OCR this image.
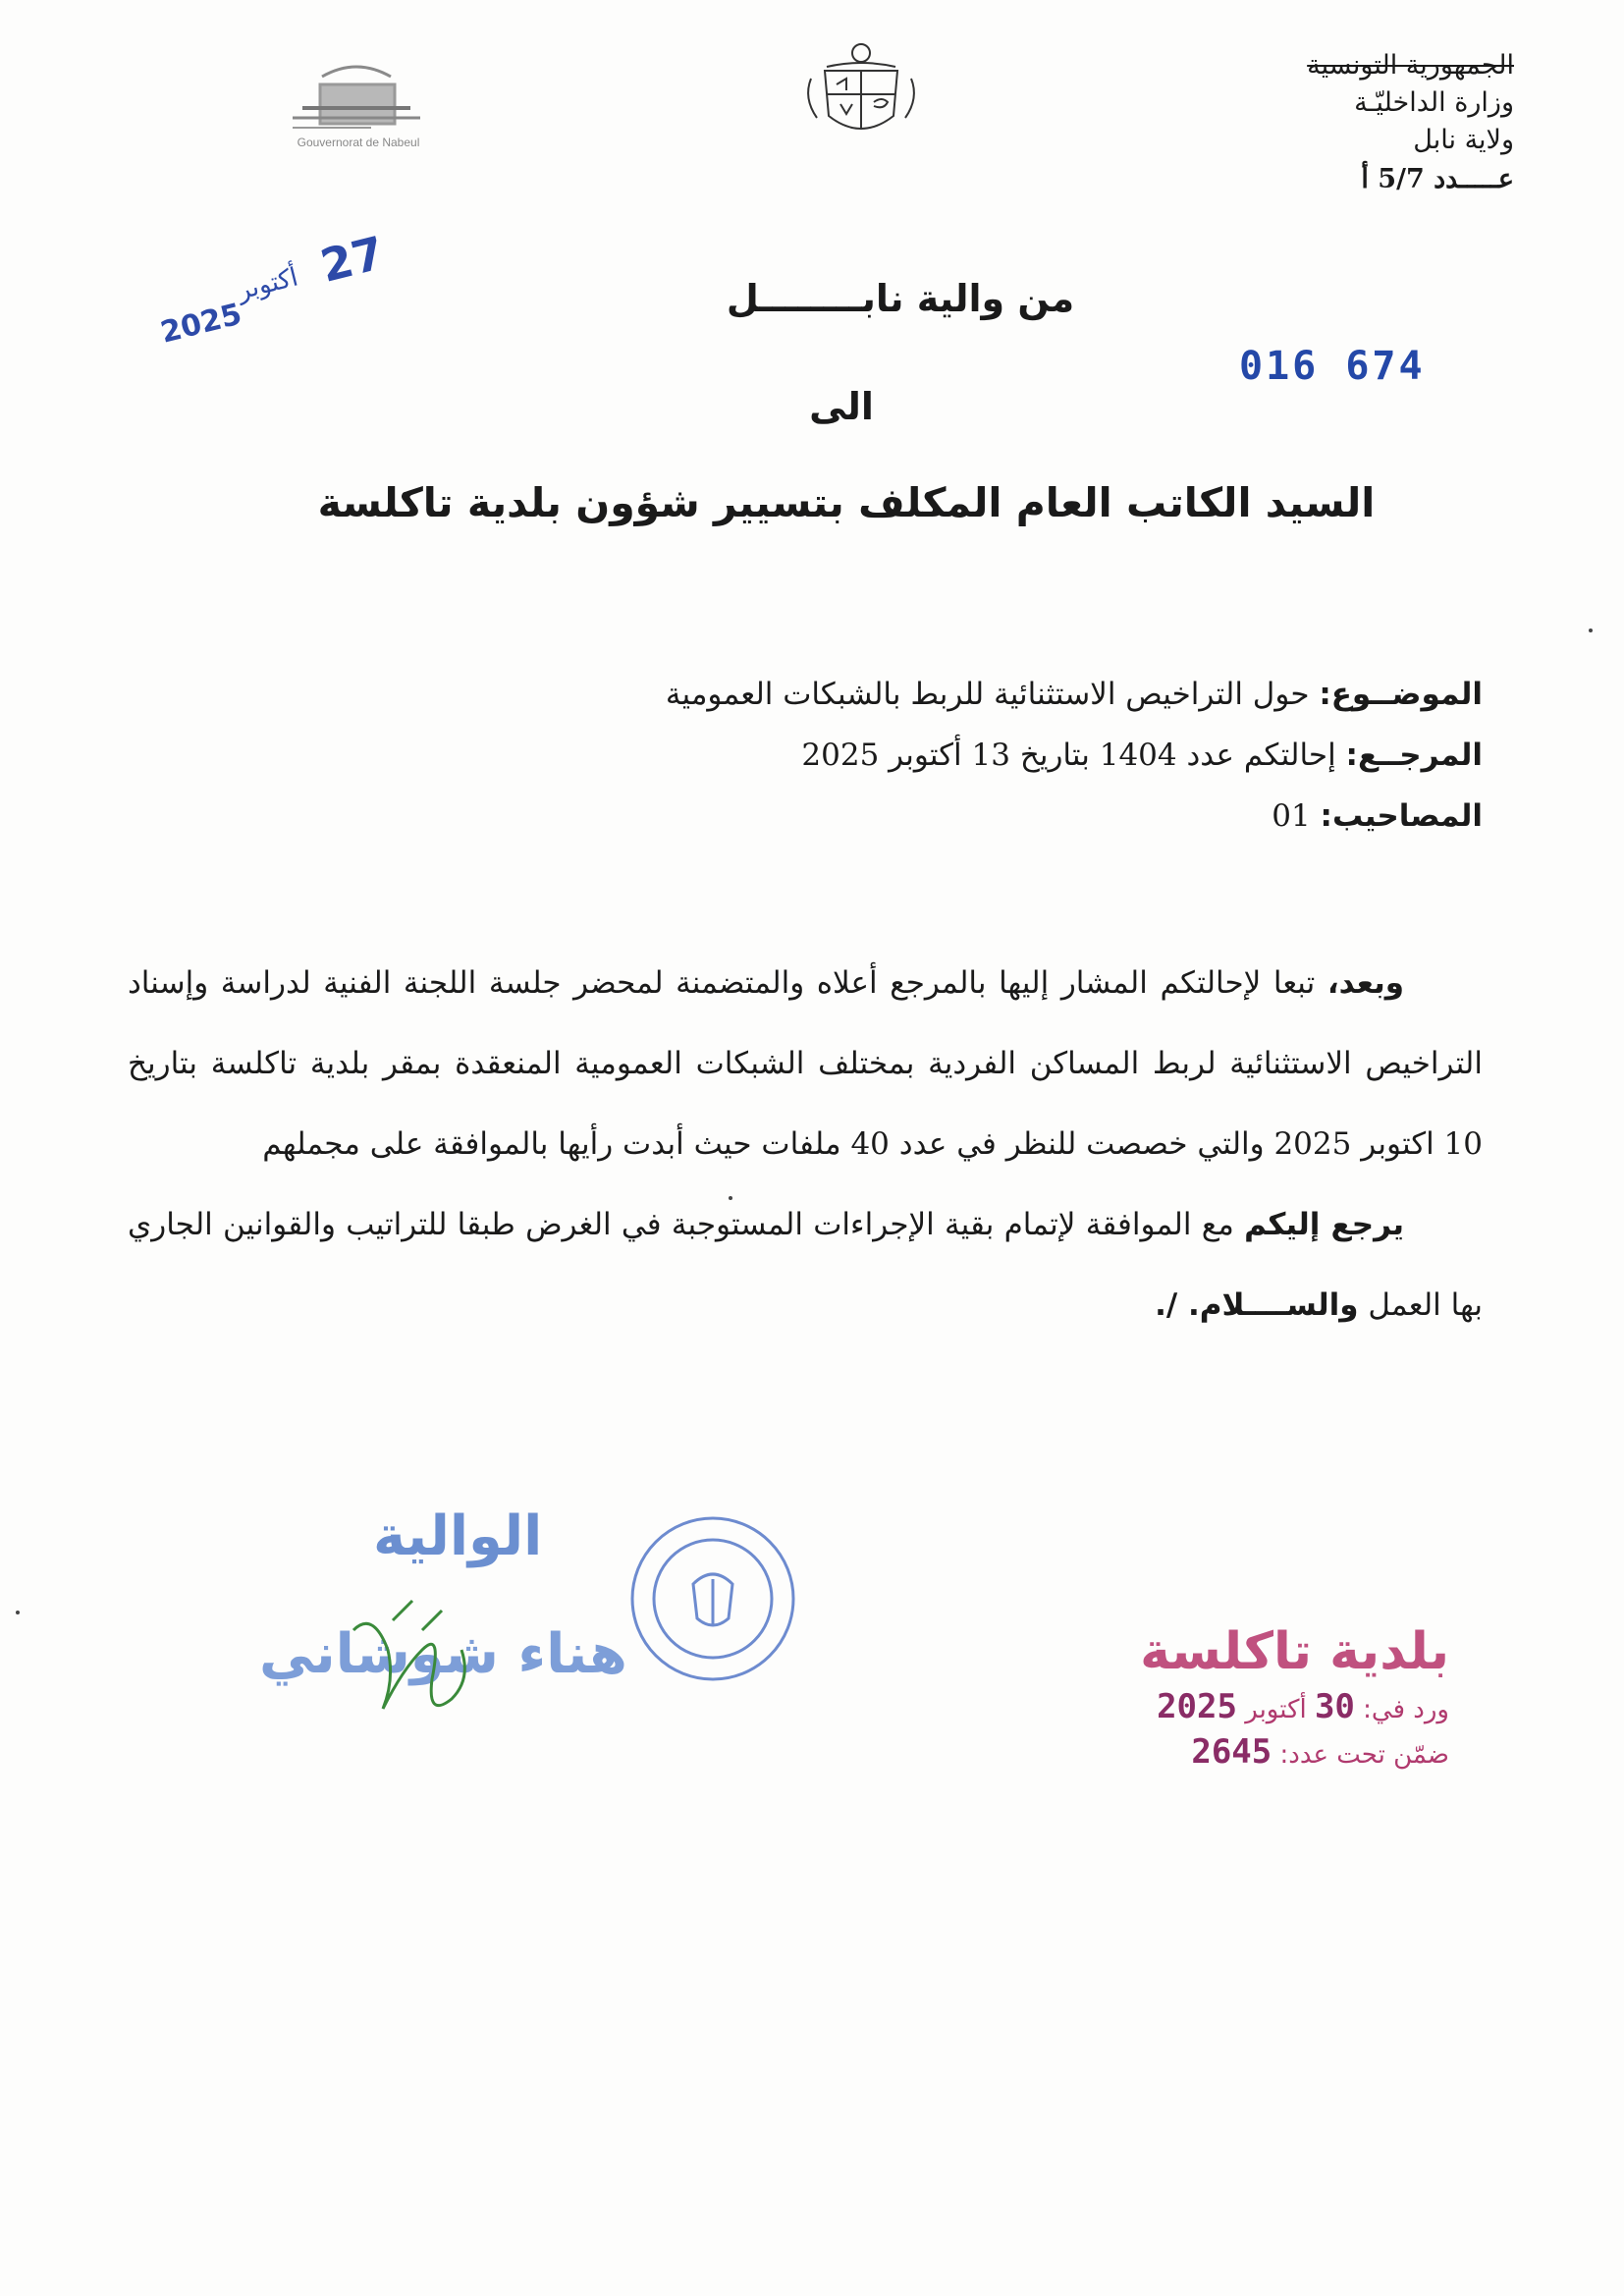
Gouvernorat de Nabeul
الجمهورية التونسية
وزارة الداخليّـة
ولاية نابل
عـــــدد 5/7 أ
27
أكتوبر
2025
016 674
من والية نابــــــــل
الى
السيد الكاتب العام المكلف بتسيير شؤون بلدية تاكلسة
الموضــوع: حول التراخيص الاستثنائية للربط بالشبكات العمومية
المرجــع: إحالتكم عدد 1404 بتاريخ 13 أكتوبر 2025
المصاحيب: 01

وبعد، تبعا لإحالتكم المشار إليها بالمرجع أعلاه والمتضمنة لمحضر جلسة اللجنة الفنية لدراسة وإسناد التراخيص الاستثنائية لربط المساكن الفردية بمختلف الشبكات العمومية المنعقدة بمقر بلدية تاكلسة بتاريخ 10 اكتوبر 2025 والتي خصصت للنظر في عدد 40 ملفات حيث أبدت رأيها بالموافقة على مجملهم

يرجع إليكم مع الموافقة لإتمام بقية الإجراءات المستوجبة في الغرض طبقا للتراتيب والقوانين الجاري بها العمل والســــلام. /.

الوالية
هناء شوشاني	بلدية تاكلسة
ورد في: 30 أكتوبر 2025
ضمّن تحت عدد: 2645
